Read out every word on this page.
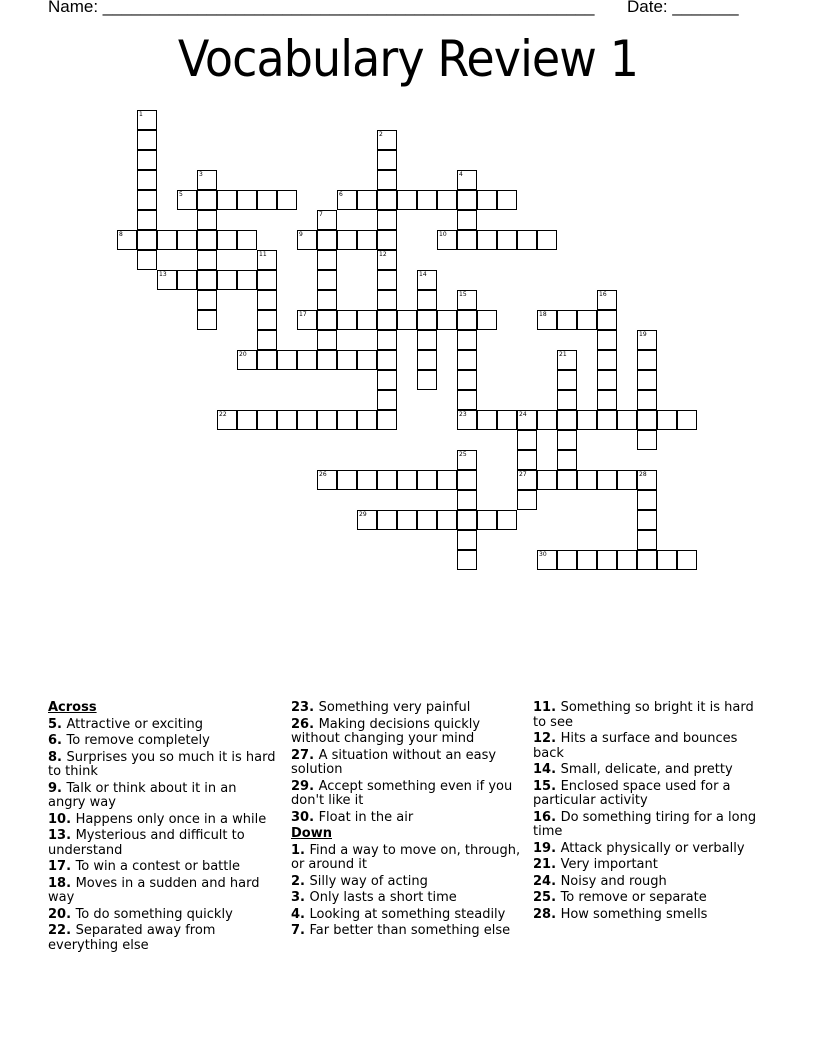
Name: ____________________________________________________ Date: _______
Vocabulary Review 1
5	6
8	9	10
13
17	18
20
22	23	24
26	27	28
29
30
1
2
3	4
7
11	12
14
15	16
19
21
25
Across
5. Attractive or exciting
6. To remove completely
8. Surprises you so much it is hard to think
9. Talk or think about it in an angry way
10. Happens only once in a while
13. Mysterious and difficult to understand
17. To win a contest or battle
18. Moves in a sudden and hard way
20. To do something quickly
22. Separated away from everything else
23. Something very painful
26. Making decisions quickly without changing your mind
27. A situation without an easy solution
29. Accept something even if you don't like it
30. Float in the air
Down
1. Find a way to move on, through, or around it
2. Silly way of acting
3. Only lasts a short time
4. Looking at something steadily
7. Far better than something else
11. Something so bright it is hard to see
12. Hits a surface and bounces back
14. Small, delicate, and pretty
15. Enclosed space used for a particular activity
16. Do something tiring for a long time
19. Attack physically or verbally
21. Very important
24. Noisy and rough
25. To remove or separate
28. How something smells
